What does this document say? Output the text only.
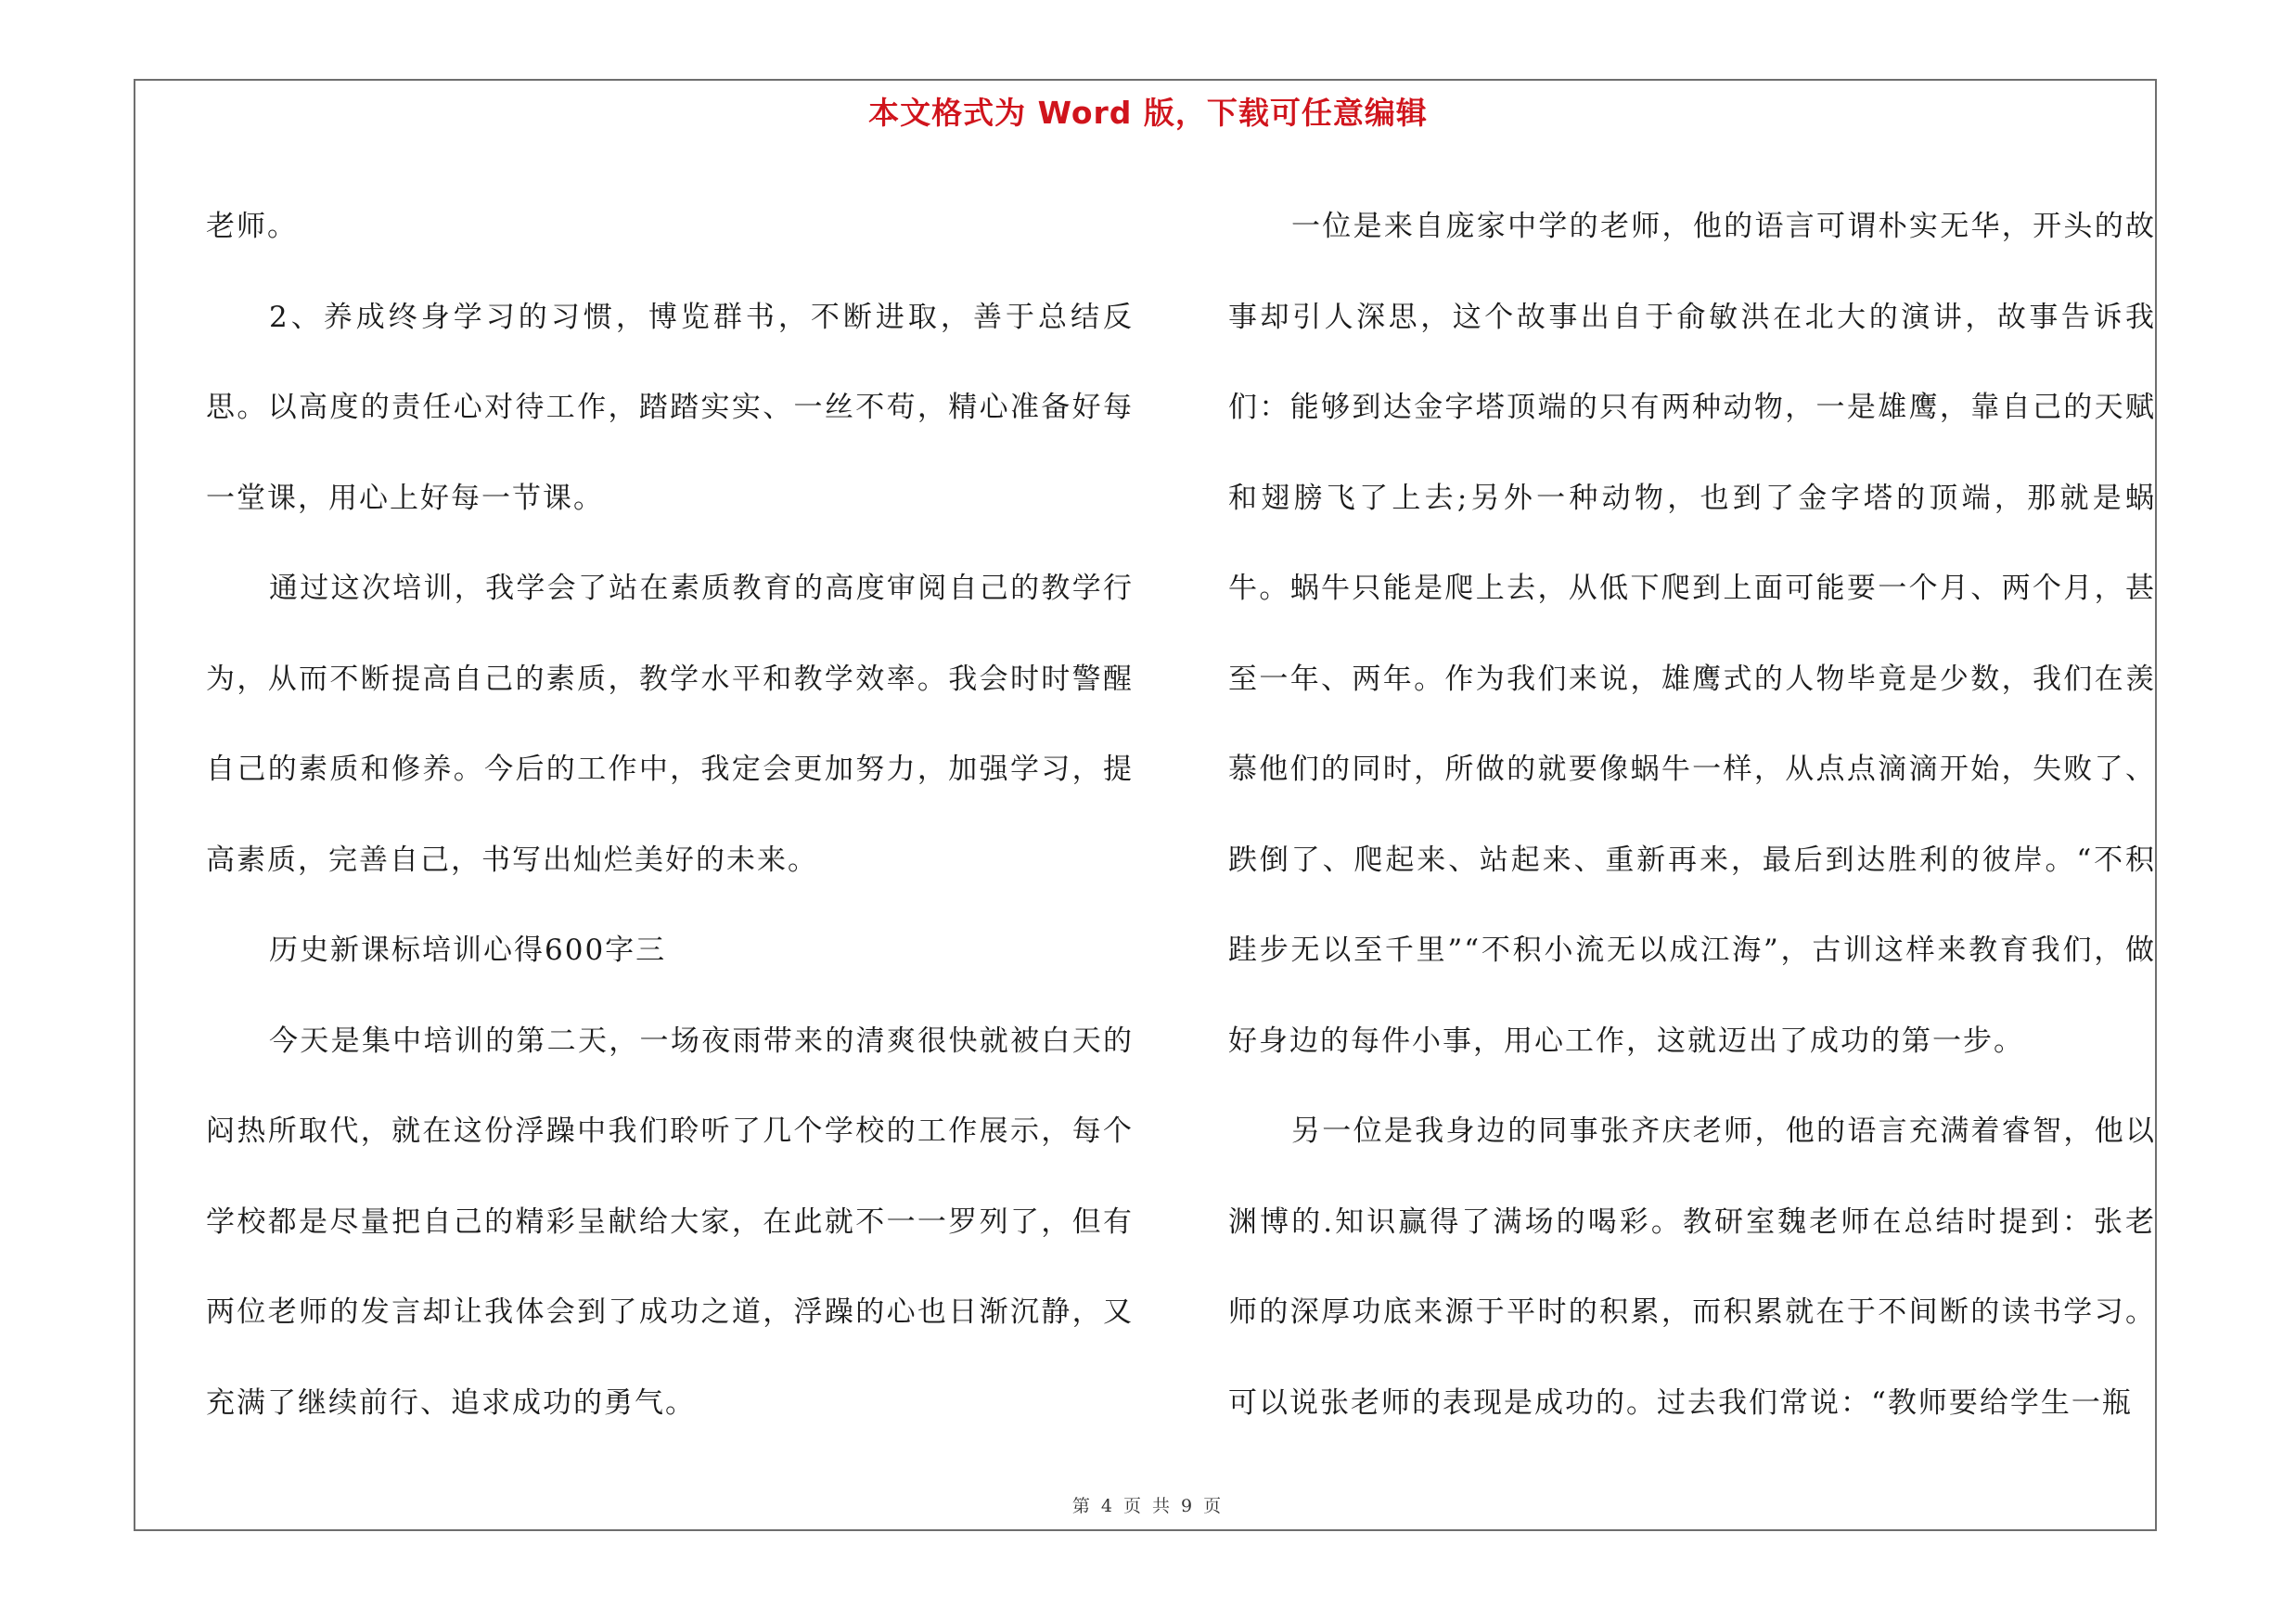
本文格式为 Word 版，下载可任意编辑

老师。

2、养成终身学习的习惯，博览群书，不断进取，善于总结反思。以高度的责任心对待工作，踏踏实实、一丝不苟，精心准备好每一堂课，用心上好每一节课。

通过这次培训，我学会了站在素质教育的高度审阅自己的教学行为，从而不断提高自己的素质，教学水平和教学效率。我会时时警醒自己的素质和修养。今后的工作中，我定会更加努力，加强学习，提高素质，完善自己，书写出灿烂美好的未来。

历史新课标培训心得600字三

今天是集中培训的第二天，一场夜雨带来的清爽很快就被白天的闷热所取代，就在这份浮躁中我们聆听了几个学校的工作展示，每个学校都是尽量把自己的精彩呈献给大家，在此就不一一罗列了，但有两位老师的发言却让我体会到了成功之道，浮躁的心也日渐沉静，又充满了继续前行、追求成功的勇气。

一位是来自庞家中学的老师，他的语言可谓朴实无华，开头的故事却引人深思，这个故事出自于俞敏洪在北大的演讲，故事告诉我们：能够到达金字塔顶端的只有两种动物，一是雄鹰，靠自己的天赋和翅膀飞了上去;另外一种动物，也到了金字塔的顶端，那就是蜗牛。蜗牛只能是爬上去，从低下爬到上面可能要一个月、两个月，甚至一年、两年。作为我们来说，雄鹰式的人物毕竟是少数，我们在羡慕他们的同时，所做的就要像蜗牛一样，从点点滴滴开始，失败了、跌倒了、爬起来、站起来、重新再来，最后到达胜利的彼岸。“不积跬步无以至千里”“不积小流无以成江海”，古训这样来教育我们，做好身边的每件小事，用心工作，这就迈出了成功的第一步。

另一位是我身边的同事张齐庆老师，他的语言充满着睿智，他以渊博的.知识赢得了满场的喝彩。教研室魏老师在总结时提到：张老师的深厚功底来源于平时的积累，而积累就在于不间断的读书学习。可以说张老师的表现是成功的。过去我们常说：“教师要给学生一瓶

第 4 页 共 9 页
